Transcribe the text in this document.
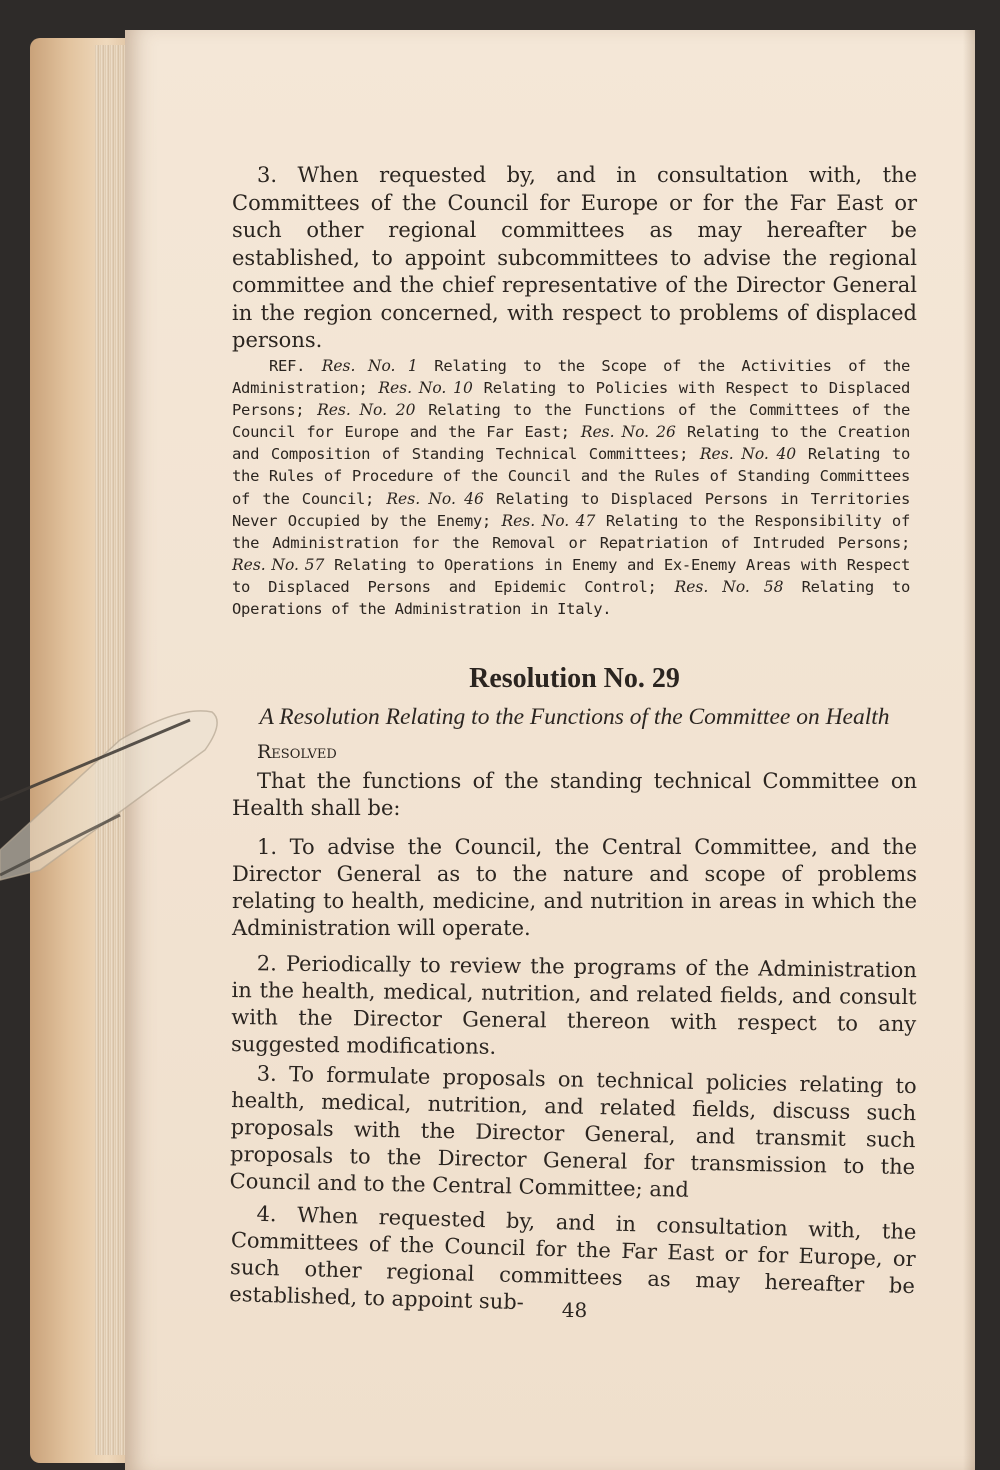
3. When requested by, and in consultation with, the Committees of the Council for Europe or for the Far East or such other regional committees as may hereafter be established, to appoint subcommittees to advise the regional committee and the chief representative of the Director General in the region concerned, with respect to problems of displaced persons.
REF. Res. No. 1 Relating to the Scope of the Activities of the Administration; Res. No. 10 Relating to Policies with Respect to Displaced Persons; Res. No. 20 Relating to the Functions of the Committees of the Council for Europe and the Far East; Res. No. 26 Relating to the Creation and Composition of Standing Technical Committees; Res. No. 40 Relating to the Rules of Procedure of the Council and the Rules of Standing Committees of the Council; Res. No. 46 Relating to Displaced Persons in Territories Never Occupied by the Enemy; Res. No. 47 Relating to the Responsibility of the Administration for the Removal or Repatriation of Intruded Persons; Res. No. 57 Relating to Operations in Enemy and Ex-Enemy Areas with Respect to Displaced Persons and Epidemic Control; Res. No. 58 Relating to Operations of the Administration in Italy.
Resolution No. 29
A Resolution Relating to the Functions of the Committee on Health
Resolved
That the functions of the standing technical Committee on Health shall be:
1. To advise the Council, the Central Committee, and the Director General as to the nature and scope of problems relating to health, medicine, and nutrition in areas in which the Administration will operate.
2. Periodically to review the programs of the Administration in the health, medical, nutrition, and related fields, and consult with the Director General thereon with respect to any suggested modifications.
3. To formulate proposals on technical policies relating to health, medical, nutrition, and related fields, discuss such proposals with the Director General, and transmit such proposals to the Director General for transmission to the Council and to the Central Committee; and
4. When requested by, and in consultation with, the Committees of the Council for the Far East or for Europe, or such other regional committees as may hereafter be established, to appoint sub-	48
